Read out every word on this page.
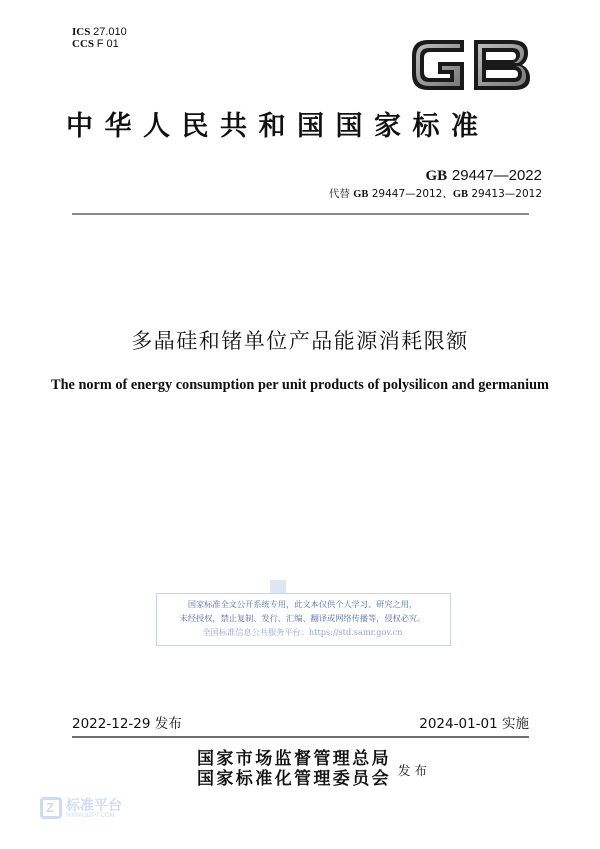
ICS 27.010
CCS F 01
中华人民共和国国家标准
GB 29447—2022
代替 GB 29447—2012、GB 29413—2012
多晶硅和锗单位产品能源消耗限额
The norm of energy consumption per unit products of polysilicon and germanium
国家标准全文公开系统专用，此文本仅供个人学习、研究之用，
未经授权，禁止复制、发行、汇编、翻译或网络传播等，侵权必究。
全国标准信息公共服务平台：https://std.samr.gov.cn
2022-12-29 发布	2024-01-01 实施
国家市场监督管理总局
国家标准化管理委员会 发布
Z 标准平台
WWW.BZPT.COM
